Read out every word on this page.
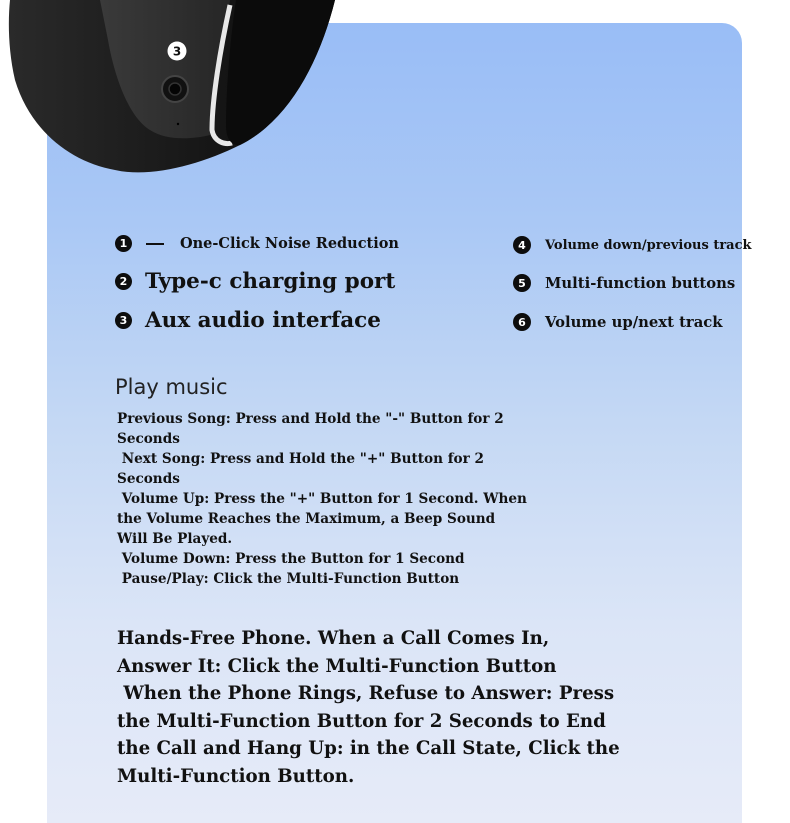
3
1	One-Click Noise Reduction
2 Type-c charging port
3 Aux audio interface
4	Volume down/previous track
5	Multi-function buttons
6	Volume up/next track
Play music
Previous Song: Press and Hold the "-" Button for 2
Seconds
Next Song: Press and Hold the "+" Button for 2
Seconds
Volume Up: Press the "+" Button for 1 Second. When
the Volume Reaches the Maximum, a Beep Sound
Will Be Played.
Volume Down: Press the Button for 1 Second
Pause/Play: Click the Multi-Function Button
Hands-Free Phone. When a Call Comes In,
Answer It: Click the Multi-Function Button
When the Phone Rings, Refuse to Answer: Press
the Multi-Function Button for 2 Seconds to End
the Call and Hang Up: in the Call State, Click the
Multi-Function Button.
